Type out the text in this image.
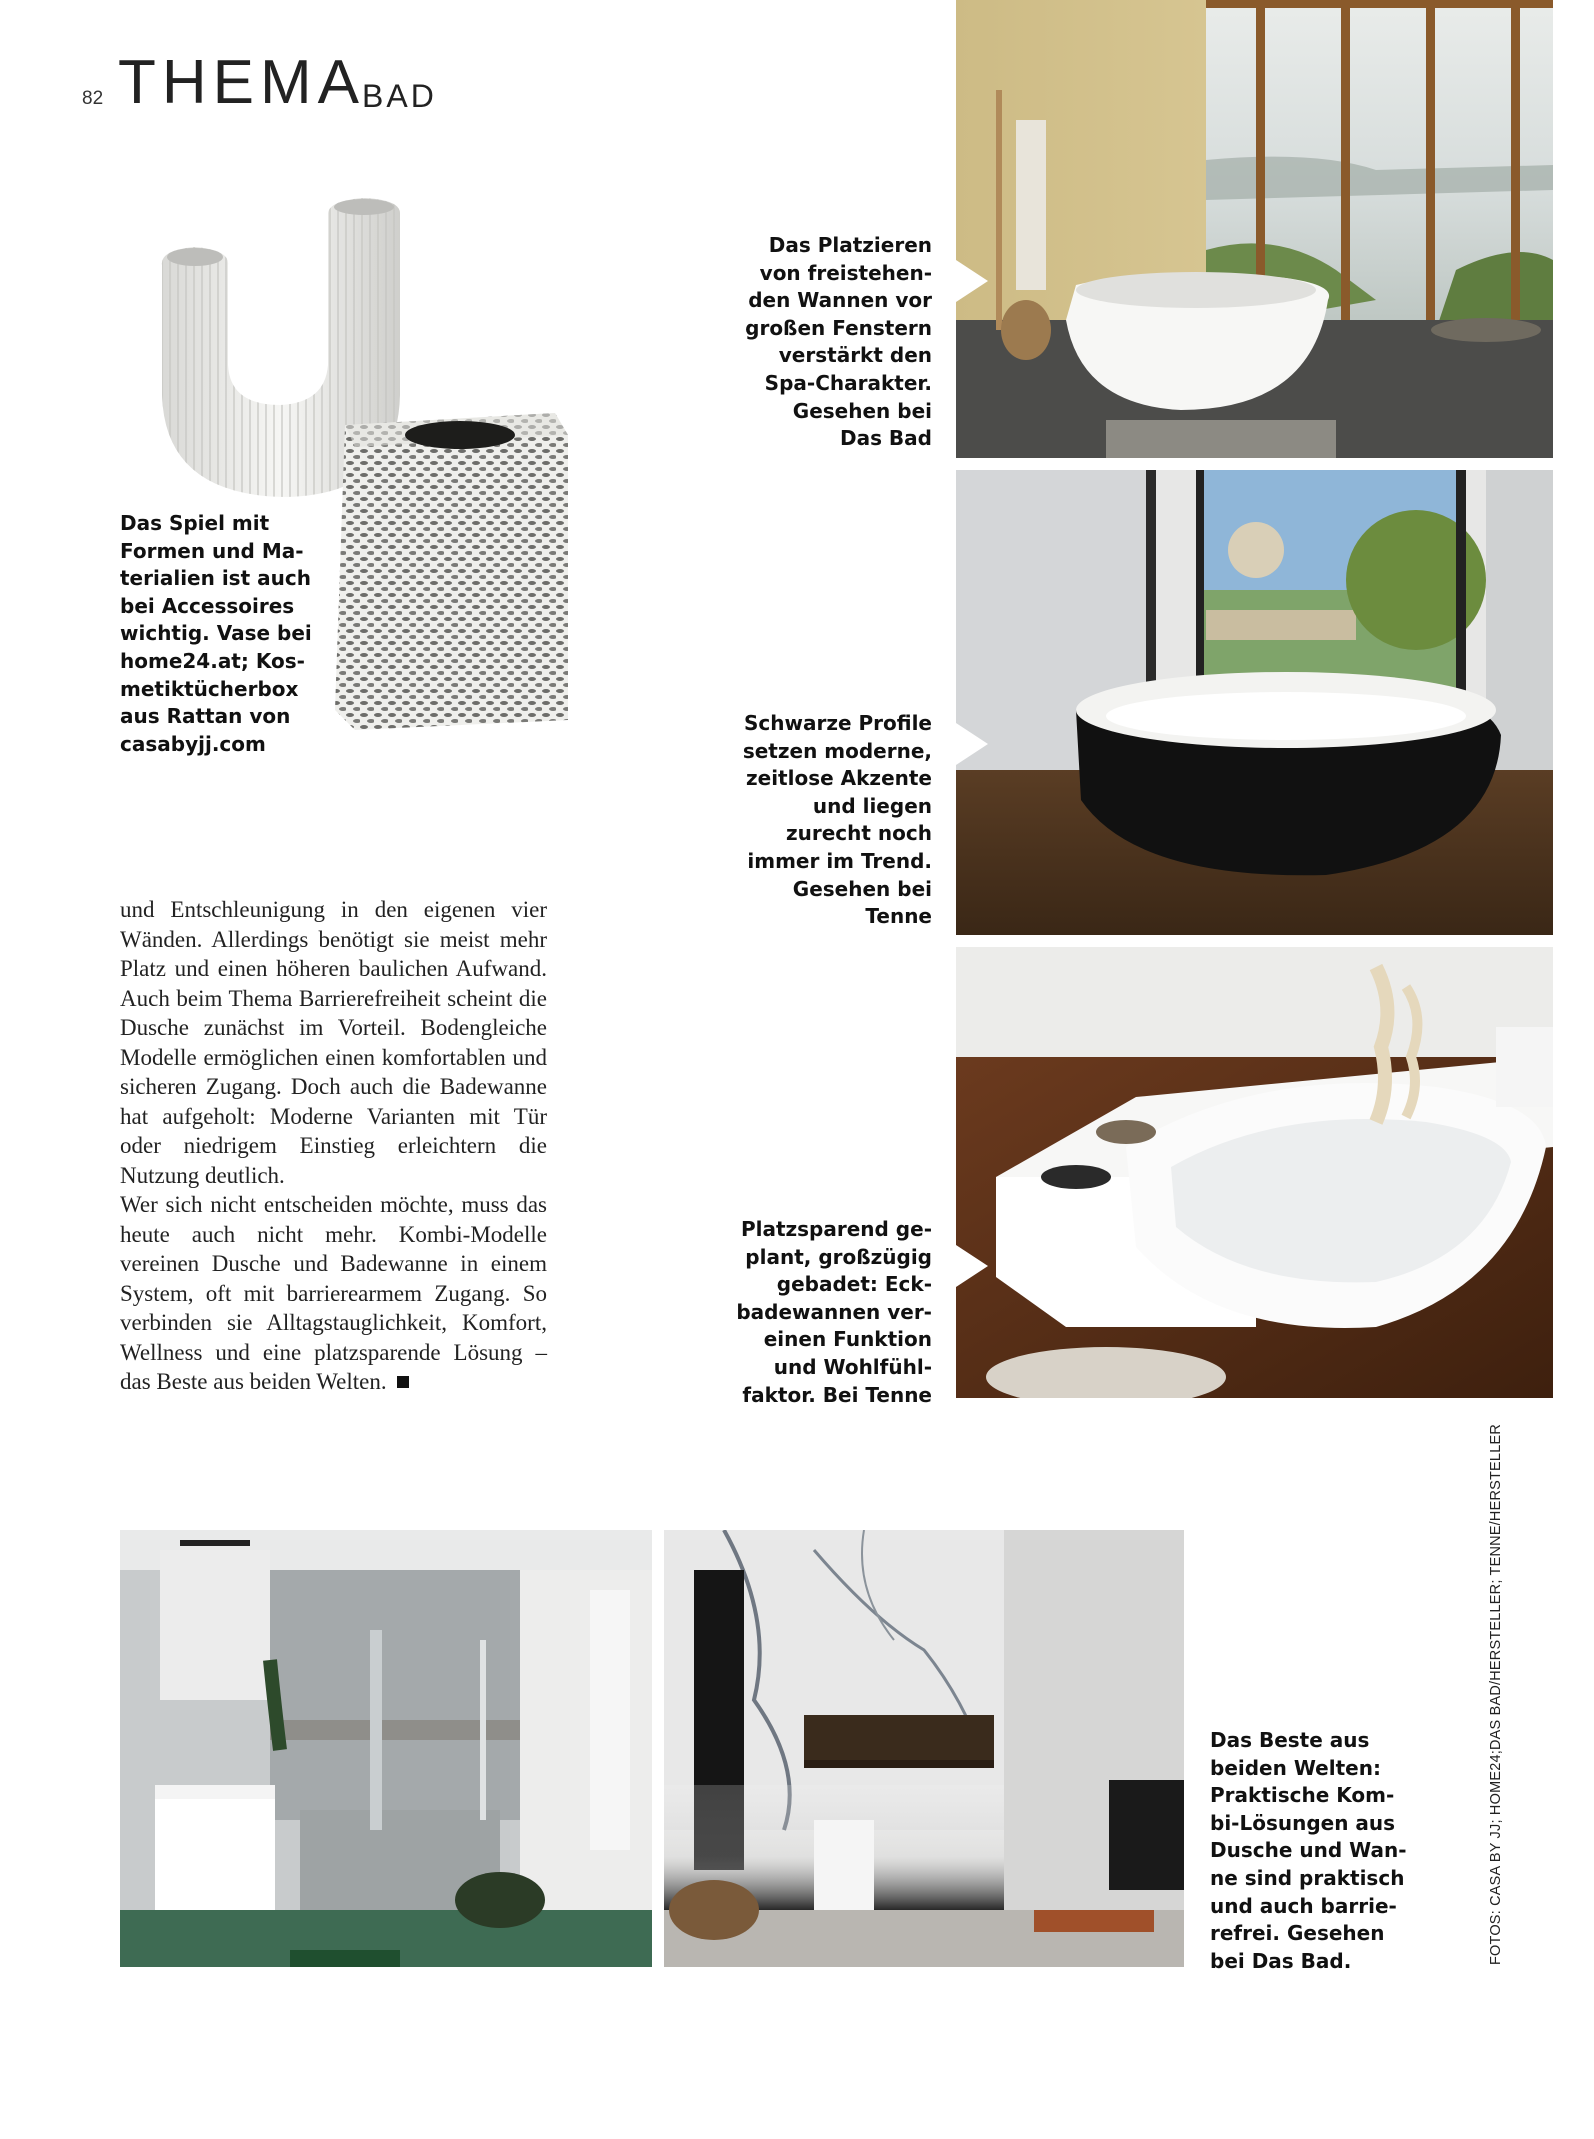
82 THEMA
BAD
Das Spiel mit
Formen und Ma-
terialien ist auch
bei Accessoires
wichtig. Vase bei
home24.at; Kos-
metiktücherbox
aus Rattan von
casabyjj.com
Das Platzieren
von freistehen-
den Wannen vor
großen Fenstern
verstärkt den
Spa-Charakter.
Gesehen bei
Das Bad
Schwarze Profile
setzen moderne,
zeitlose Akzente
und liegen
zurecht noch
immer im Trend.
Gesehen bei
Tenne
Platzsparend ge-
plant, großzügig
gebadet: Eck-
badewannen ver-
einen Funktion
und Wohlfühl-
faktor. Bei Tenne

und Entschleunigung in den eigenen vier Wänden. Allerdings benötigt sie meist mehr Platz und einen höheren baulichen Aufwand. Auch beim Thema Barrierefreiheit scheint die Dusche zunächst im Vorteil. Bodengleiche Modelle ermöglichen einen komfortablen und sicheren Zugang. Doch auch die Badewanne hat aufgeholt: Moderne Varianten mit Tür oder niedrigem Einstieg erleichtern die Nutzung deutlich.

Wer sich nicht entscheiden möchte, muss das heute auch nicht mehr. Kombi-Modelle vereinen Dusche und Badewanne in einem System, oft mit barrierearmem Zugang. So verbinden sie Alltagstauglichkeit, Komfort, Wellness und eine platzsparende Lösung – das Beste aus beiden Welten.

Das Beste aus
beiden Welten:
Praktische Kom-
bi-Lösungen aus
Dusche und Wan-
ne sind praktisch
und auch barrie-
refrei. Gesehen
bei Das Bad.	FOTOS: CASA BY JJ; HOME24;DAS BAD/HERSTELLER; TENNE/HERSTELLER
